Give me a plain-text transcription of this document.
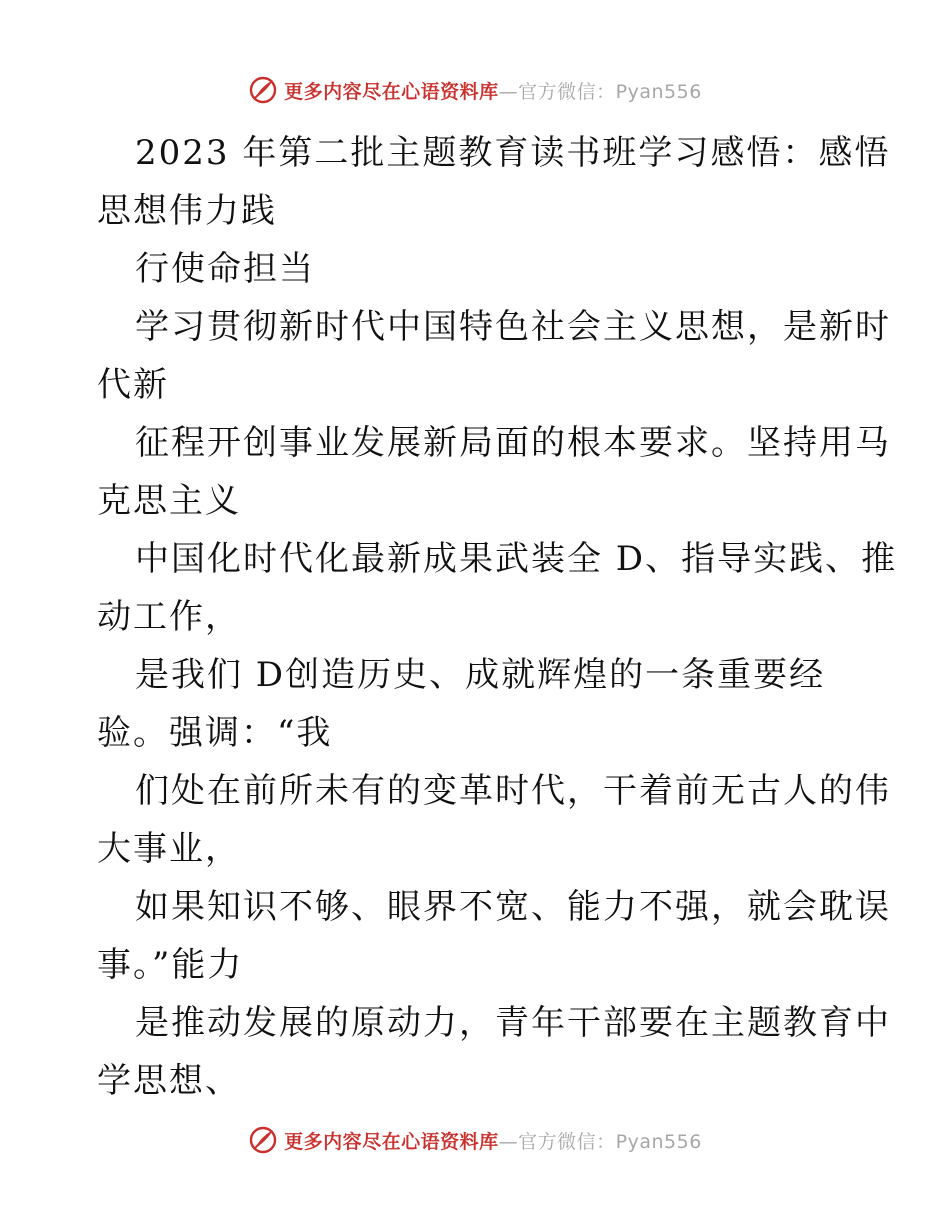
更多内容尽在心语资料库—官方微信：Pyan556
2023 年第二批主题教育读书班学习感悟：感悟
思想伟力践
行使命担当
学习贯彻新时代中国特色社会主义思想，是新时
代新
征程开创事业发展新局面的根本要求。坚持用马
克思主义
中国化时代化最新成果武装全 D、指导实践、推
动工作，
是我们 D创造历史、成就辉煌的一条重要经
验。强调：“我
们处在前所未有的变革时代，干着前无古人的伟
大事业，
如果知识不够、眼界不宽、能力不强，就会耽误
事。”能力
是推动发展的原动力，青年干部要在主题教育中
学思想、
更多内容尽在心语资料库—官方微信：Pyan556
